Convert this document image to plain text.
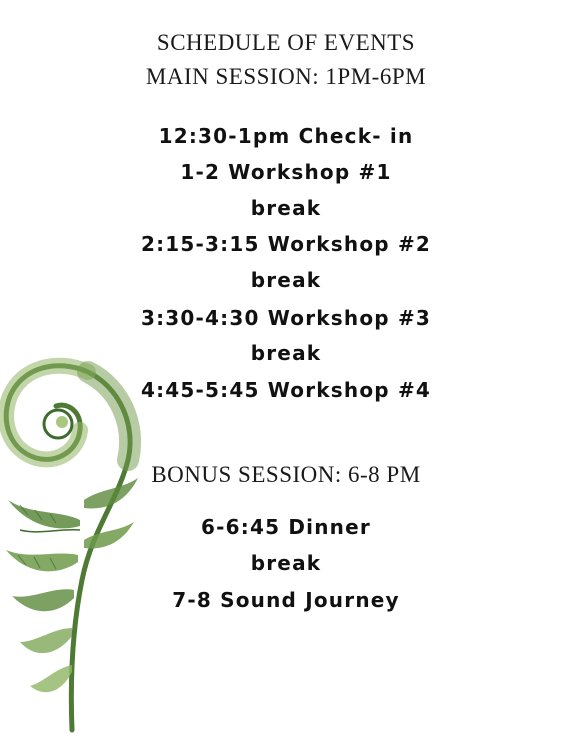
SCHEDULE OF EVENTS
MAIN SESSION: 1PM-6PM
12:30-1pm Check- in
1-2 Workshop #1
break
2:15-3:15 Workshop #2
break
3:30-4:30 Workshop #3
break
4:45-5:45 Workshop #4
BONUS SESSION: 6-8 PM
6-6:45 Dinner
break
7-8 Sound Journey
